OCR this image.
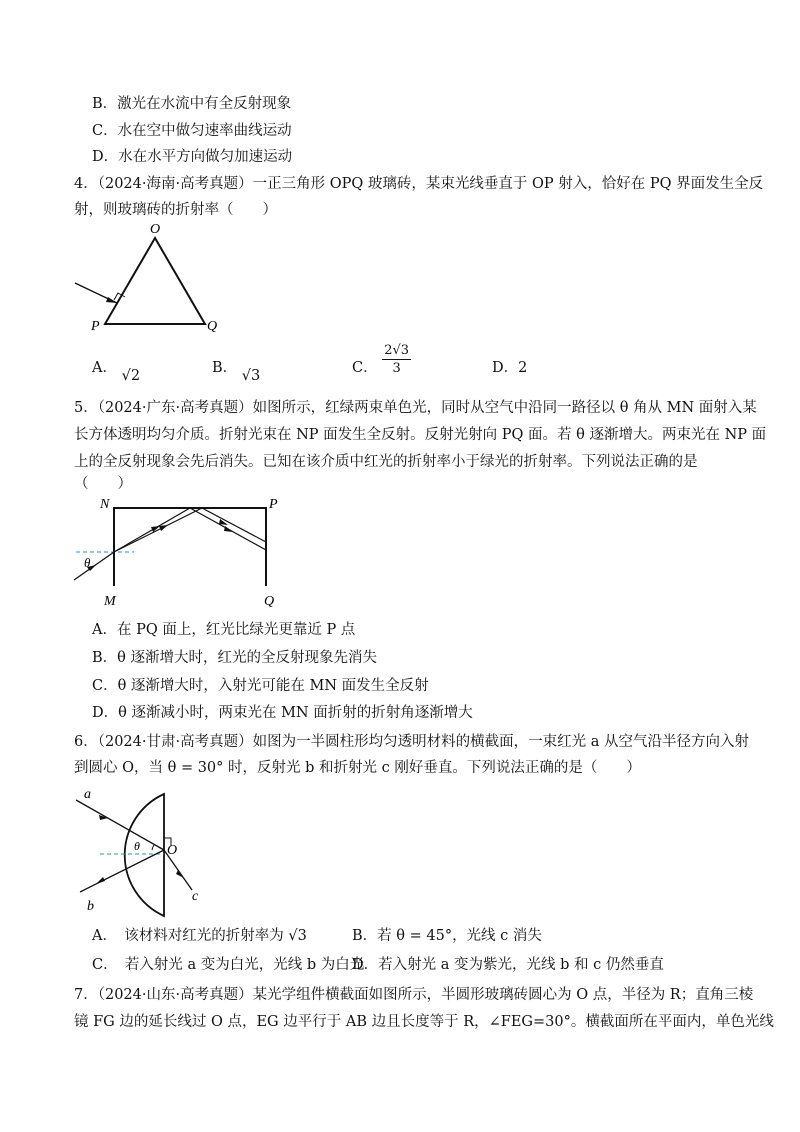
B．激光在水流中有全反射现象
C．水在空中做匀速率曲线运动
D．水在水平方向做匀加速运动
4．（2024·海南·高考真题）一正三角形 OPQ 玻璃砖，某束光线垂直于 OP 射入，恰好在 PQ 界面发生全反
射，则玻璃砖的折射率（　　）
O
P	Q
A． √2	B． √3	C． $\frac{2√3}{3}$	D．2
5．（2024·广东·高考真题）如图所示，红绿两束单色光，同时从空气中沿同一路径以 θ 角从 MN 面射入某
长方体透明均匀介质。折射光束在 NP 面发生全反射。反射光射向 PQ 面。若 θ 逐渐增大。两束光在 NP 面
上的全反射现象会先后消失。已知在该介质中红光的折射率小于绿光的折射率。下列说法正确的是
（　　）
N	P
M	Q
θ
A．在 PQ 面上，红光比绿光更靠近 P 点
B．θ 逐渐增大时，红光的全反射现象先消失
C．θ 逐渐增大时，入射光可能在 MN 面发生全反射
D．θ 逐渐减小时，两束光在 MN 面折射的折射角逐渐增大
6．（2024·甘肃·高考真题）如图为一半圆柱形均匀透明材料的横截面，一束红光 a 从空气沿半径方向入射
到圆心 O，当 θ = 30° 时，反射光 b 和折射光 c 刚好垂直。下列说法正确的是（　　）
a
b
c
O
θ
A．　该材料对红光的折射率为 √3	B．若 θ = 45°，光线 c 消失
C．　若入射光 a 变为白光，光线 b 为白光
D．若入射光 a 变为紫光，光线 b 和 c 仍然垂直
7．（2024·山东·高考真题）某光学组件横截面如图所示，半圆形玻璃砖圆心为 O 点，半径为 R；直角三棱
镜 FG 边的延长线过 O 点，EG 边平行于 AB 边且长度等于 R，∠FEG=30°。横截面所在平面内，单色光线
